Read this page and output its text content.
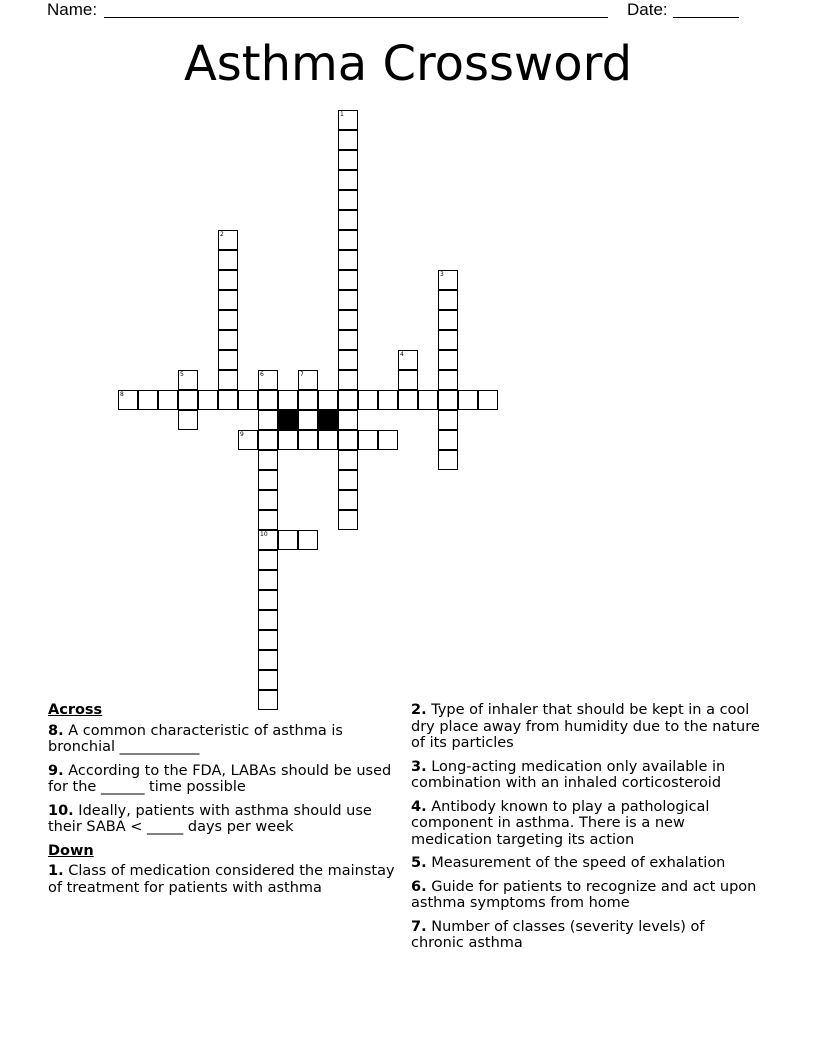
Name:	Date:
Asthma Crossword
1
2
3
4
5	6	7
8
9
10
Across
8. A common characteristic of asthma is bronchial ___________
9. According to the FDA, LABAs should be used for the ______ time possible
10. Ideally, patients with asthma should use their SABA < _____ days per week
Down
1. Class of medication considered the mainstay of treatment for patients with asthma
2. Type of inhaler that should be kept in a cool dry place away from humidity due to the nature of its particles
3. Long-acting medication only available in combination with an inhaled corticosteroid
4. Antibody known to play a pathological component in asthma. There is a new medication targeting its action
5. Measurement of the speed of exhalation
6. Guide for patients to recognize and act upon asthma symptoms from home
7. Number of classes (severity levels) of chronic asthma
